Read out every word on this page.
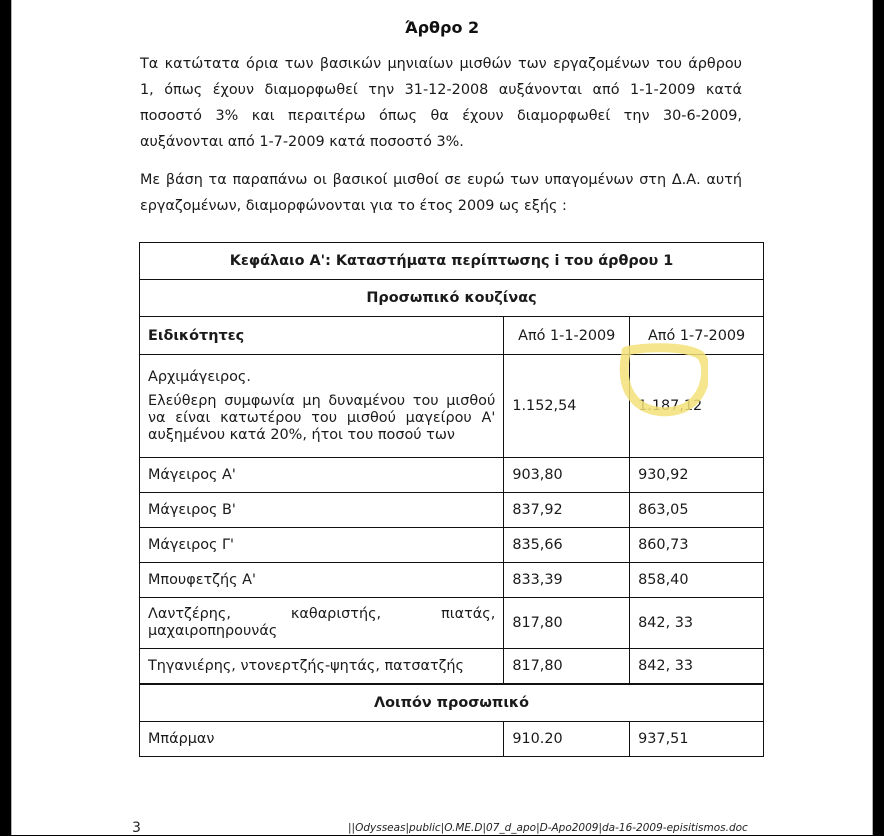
Άρθρο 2
Τα κατώτατα όρια των βασικών μηνιαίων μισθών των εργαζομένων του άρθρου 1, όπως έχουν διαμορφωθεί την 31-12-2008 αυξάνονται από 1-1-2009 κατά ποσοστό 3% και περαιτέρω όπως θα έχουν διαμορφωθεί την 30-6-2009, αυξάνονται από 1-7-2009 κατά ποσοστό 3%.
Με βάση τα παραπάνω οι βασικοί μισθοί σε ευρώ των υπαγομένων στη Δ.Α. αυτή εργαζομένων, διαμορφώνονται για το έτος 2009 ως εξής :
Κεφάλαιο Α': Καταστήματα περίπτωσης i του άρθρου 1		
Προσωπικό κουζίνας		
Ειδικότητες	Από 1-1-2009	Από 1-7-2009

Αρχιμάγειρος.
Ελεύθερη συμφωνία μη δυναμένου του μισθού να είναι κατωτέρου του μισθού μαγείρου Α' αυξημένου κατά 20%, ήτοι του ποσού των	1.152,54	1.187,12
Μάγειρος Α'	903,80	930,92
Μάγειρος Β'	837,92	863,05
Μάγειρος Γ'	835,66	860,73
Μπουφετζής Α'	833,39	858,40

Λαντζέρης, καθαριστής, πιατάς,
μαχαιροπηρουνάς	817,80	842, 33
Τηγανιέρης, ντονερτζής-ψητάς, πατσατζής	817,80	842, 33
Λοιπόν προσωπικό		
Μπάρμαν	910.20	937,51
3	||Odysseas|public|O.ME.D|07_d_apo|D-Apo2009|da-16-2009-episitismos.doc
